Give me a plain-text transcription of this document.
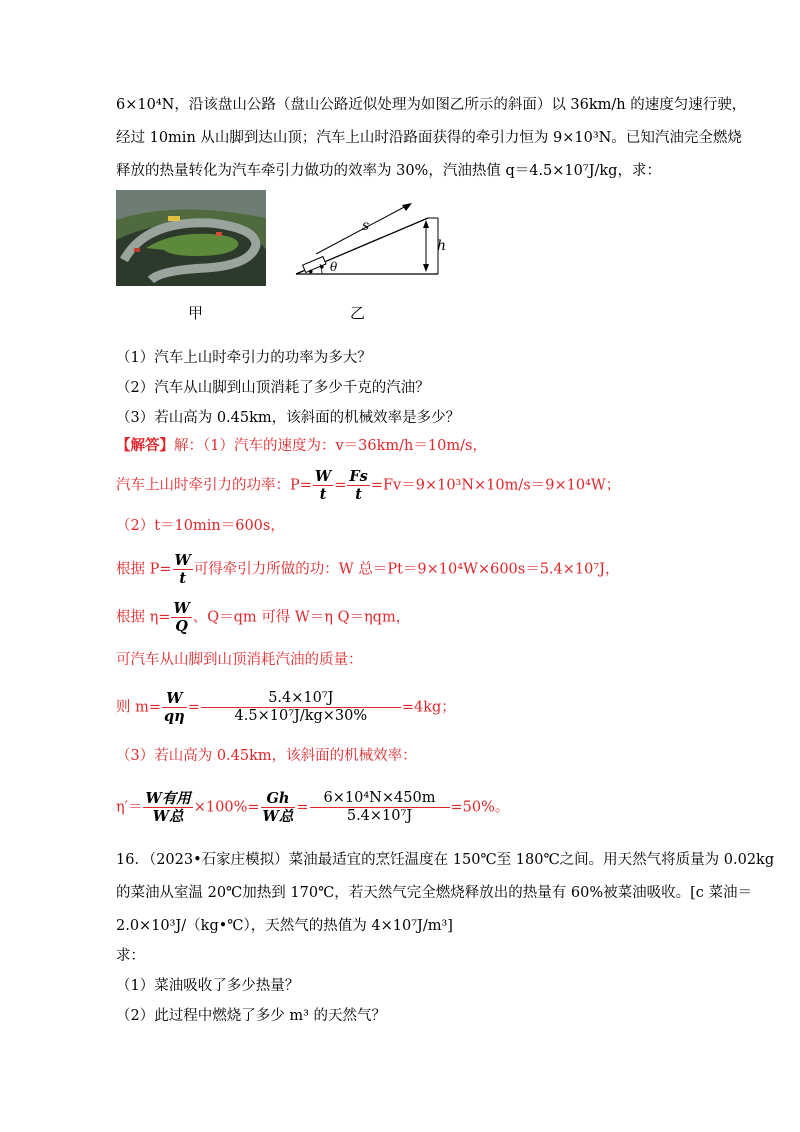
6×10⁴N，沿该盘山公路（盘山公路近似处理为如图乙所示的斜面）以 36km/h 的速度匀速行驶，
经过 10min 从山脚到达山顶；汽车上山时沿路面获得的牵引力恒为 9×10³N。已知汽油完全燃烧
释放的热量转化为汽车牵引力做功的效率为 30%，汽油热值 q＝4.5×10⁷J/kg，求：
甲
s
h
θ
乙
（1）汽车上山时牵引力的功率为多大？
（2）汽车从山脚到山顶消耗了多少千克的汽油？
（3）若山高为 0.45km，该斜面的机械效率是多少？
【解答】解：（1）汽车的速度为：v＝36km/h＝10m/s，
汽车上山时牵引力的功率：$P= \frac{W}{t} = \frac{Fs}{t} =Fv=9\times 10^3N\times 10m/s=9\times 10^4W$；
（2）t＝10min＝600s，
根据 $P= \frac{W}{t}$ 可得牵引力所做的功：W 总＝Pt＝9×10⁴W×600s＝5.4×10⁷J，
根据 $\eta= \frac{W}{Q}$ 、Q＝qm 可得 W＝η Q＝ηqm，
可汽车从山脚到山顶消耗汽油的质量：
则 $m= \frac{W}{q\eta} = \frac{\text{5.4×10⁷J}}{\text{4.5×10⁷J/kg×30\%}} =4kg$；
（3）若山高为 0.45km，该斜面的机械效率：
$\eta'= \frac{\text{W有用}}{\text{W总}} \times 100\%= \frac{Gh}{\text{W总}} = \frac{\text{6×10⁴N×450m}}{\text{5.4×10⁷J}} =50\%$。
16．（2023•石家庄模拟）菜油最适宜的烹饪温度在 150℃至 180℃之间。用天然气将质量为 0.02kg
的菜油从室温 20℃加热到 170℃，若天然气完全燃烧释放出的热量有 60%被菜油吸收。[c 菜油＝
2.0×10³J/（kg•℃），天然气的热值为 4×10⁷J/m³]
求：
（1）菜油吸收了多少热量？
（2）此过程中燃烧了多少 m³ 的天然气？
